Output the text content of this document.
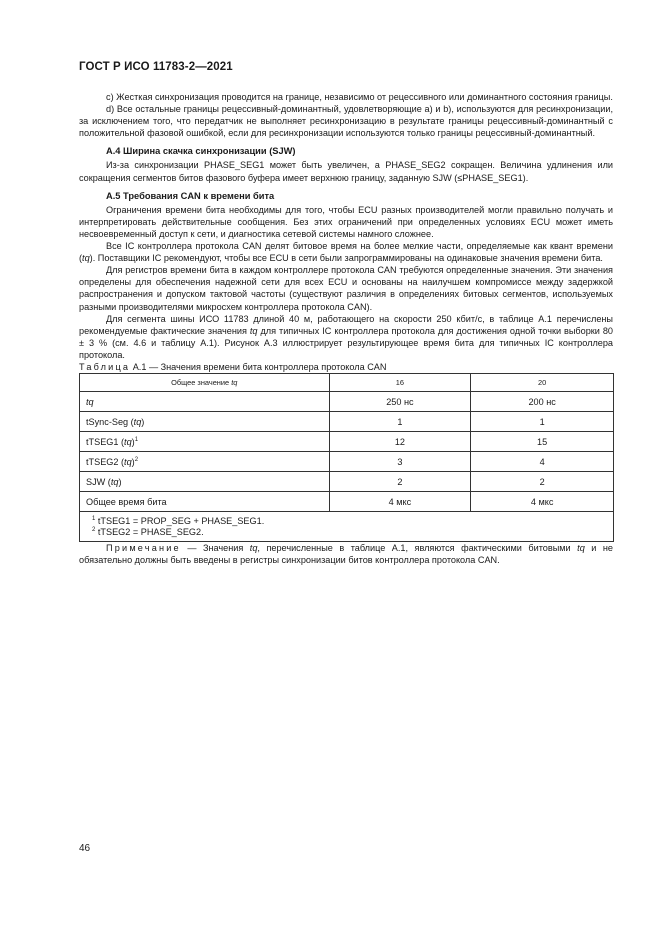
ГОСТ Р ИСО 11783-2—2021

c) Жесткая синхронизация проводится на границе, независимо от рецессивного или доминантного состояния границы.

d) Все остальные границы рецессивный-доминантный, удовлетворяющие a) и b), используются для ресинхронизации, за исключением того, что передатчик не выполняет ресинхронизацию в результате границы рецессивный-доминантный с положительной фазовой ошибкой, если для ресинхронизации используются только границы рецессивный-доминантный.

A.4 Ширина скачка синхронизации (SJW)

Из-за синхронизации PHASE_SEG1 может быть увеличен, а PHASE_SEG2 сокращен. Величина удлинения или сокращения сегментов битов фазового буфера имеет верхнюю границу, заданную SJW (≤PHASE_SEG1).

A.5 Требования CAN к времени бита

Ограничения времени бита необходимы для того, чтобы ECU разных производителей могли правильно получать и интерпретировать действительные сообщения. Без этих ограничений при определенных условиях ECU может иметь несвоевременный доступ к сети, и диагностика сетевой системы намного сложнее.

Все IC контроллера протокола CAN делят битовое время на более мелкие части, определяемые как квант времени (tq). Поставщики IC рекомендуют, чтобы все ECU в сети были запрограммированы на одинаковые значения времени бита.

Для регистров времени бита в каждом контроллере протокола CAN требуются определенные значения. Эти значения определены для обеспечения надежной сети для всех ECU и основаны на наилучшем компромиссе между задержкой распространения и допуском тактовой частоты (существуют различия в определениях битовых сегментов, используемых разными производителями микросхем контроллера протокола CAN).

Для сегмента шины ИСО 11783 длиной 40 м, работающего на скорости 250 кбит/с, в таблице A.1 перечислены рекомендуемые фактические значения tq для типичных IC контроллера протокола для достижения одной точки выборки 80 ± 3 % (см. 4.6 и таблицу A.1). Рисунок A.3 иллюстрирует результирующее время бита для типичных IC контроллера протокола.

Таблица A.1 — Значения времени бита контроллера протокола CAN

Общее значение tq	16	20
tq	250 нс	200 нс
tSync-Seg (tq)	1	1
tTSEG1 (tq)$^1$	12	15
tTSEG2 (tq)$^2$	3	4
SJW (tq)	2	2
Общее время бита	4 мкс	4 мкс

$^1$ tTSEG1 = PROP_SEG + PHASE_SEG1.
$^2$ tTSEG2 = PHASE_SEG2.		

Примечание — Значения tq, перечисленные в таблице A.1, являются фактическими битовыми tq и не обязательно должны быть введены в регистры синхронизации битов контроллера протокола CAN.

46
